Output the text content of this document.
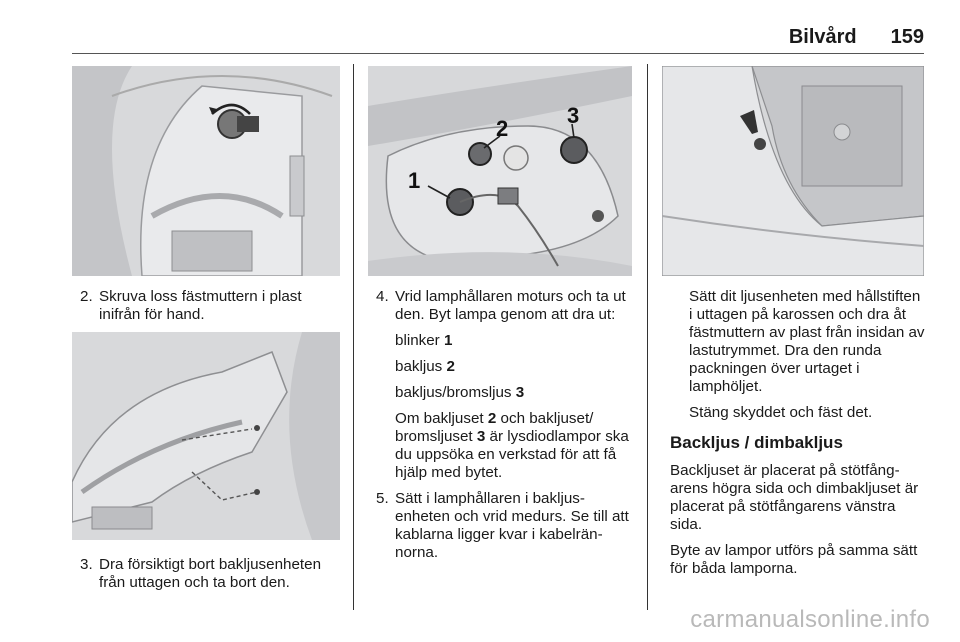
Bilvård 159
2. Skruva loss fästmuttern i plast inifrån för hand.
3. Dra försiktigt bort bakljusenheten från uttagen och ta bort den.
1
2
3
4. Vrid lamphållaren moturs och ta ut den. Byt lampa genom att dra ut:
blinker 1
bakljus 2
bakljus/bromsljus 3
Om bakljuset 2 och bakljuset/ bromsljuset 3 är lysdiodlampor ska du uppsöka en verkstad för att få hjälp med bytet.
5. Sätt i lamphållaren i bakljusenheten och vrid medurs. Se till att kablarna ligger kvar i kabelrännorna.
Sätt dit ljusenheten med hållstiften i uttagen på karossen och dra åt fästmuttern av plast från insidan av lastutrymmet. Dra den runda packningen över urtaget i lamphöljet.
Stäng skyddet och fäst det.
Backljus / dimbakljus
Backljuset är placerat på stötfångarens högra sida och dimbakljuset är placerat på stötfångarens vänstra sida.
Byte av lampor utförs på samma sätt för båda lamporna.
carmanualsonline.info
